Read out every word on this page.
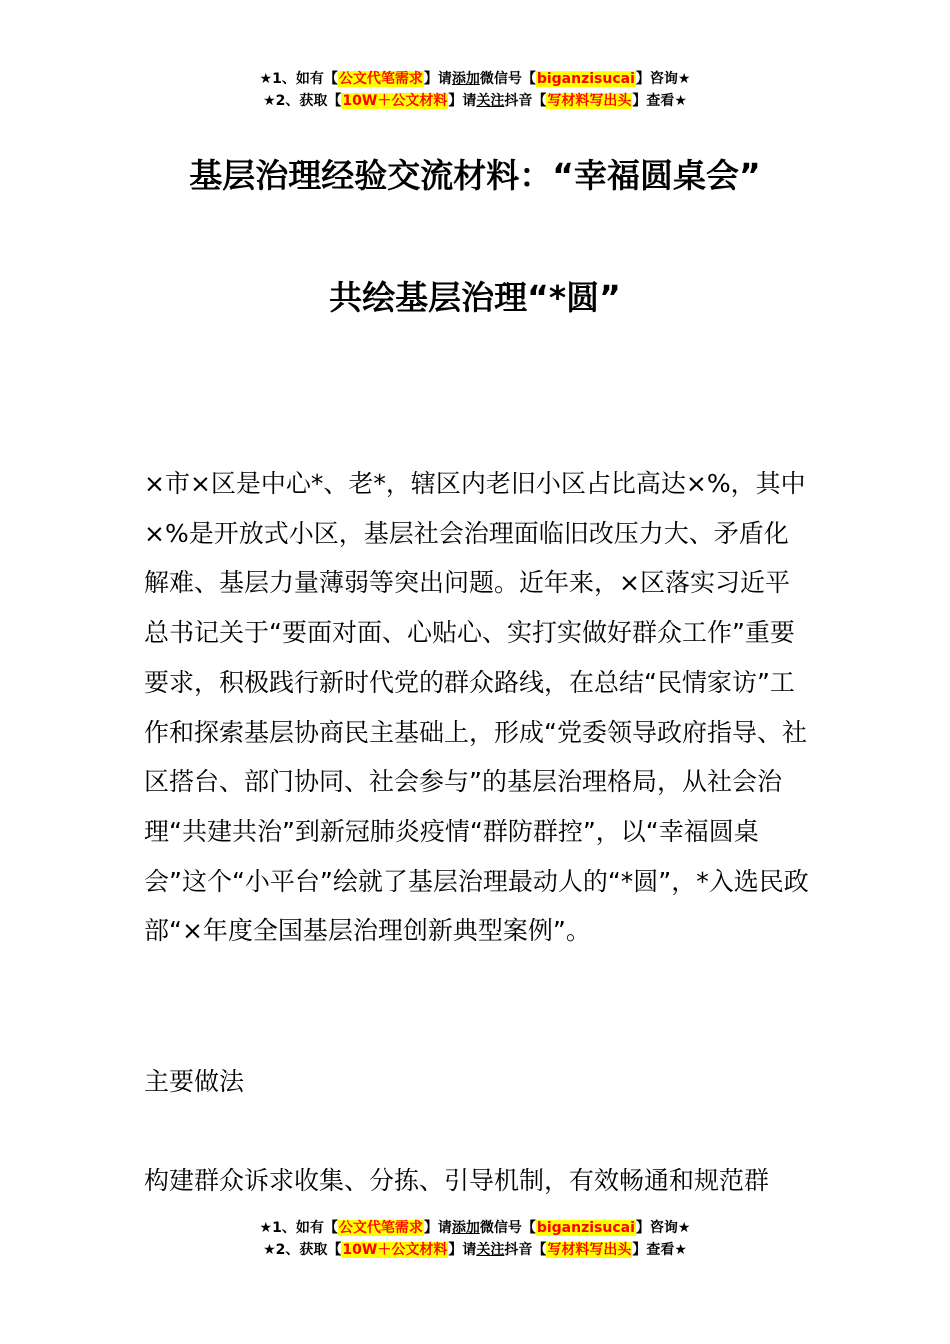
★1、如有【公文代笔需求】请添加微信号【biganzisucai】咨询★
★2、获取【10W＋公文材料】请关注抖音【写材料写出头】查看★
基层治理经验交流材料：“幸福圆桌会”
共绘基层治理“*圆”

×市×区是中心*、老*，辖区内老旧小区占比高达×%，其中×%是开放式小区，基层社会治理面临旧改压力大、矛盾化解难、基层力量薄弱等突出问题。近年来，×区落实习近平总书记关于“要面对面、心贴心、实打实做好群众工作”重要要求，积极践行新时代党的群众路线，在总结“民情家访”工作和探索基层协商民主基础上，形成“党委领导政府指导、社区搭台、部门协同、社会参与”的基层治理格局，从社会治理“共建共治”到新冠肺炎疫情“群防群控”，以“幸福圆桌会”这个“小平台”绘就了基层治理最动人的“*圆”，*入选民政部“×年度全国基层治理创新典型案例”。

主要做法

构建群众诉求收集、分拣、引导机制，有效畅通和规范群

★1、如有【公文代笔需求】请添加微信号【biganzisucai】咨询★
★2、获取【10W＋公文材料】请关注抖音【写材料写出头】查看★
